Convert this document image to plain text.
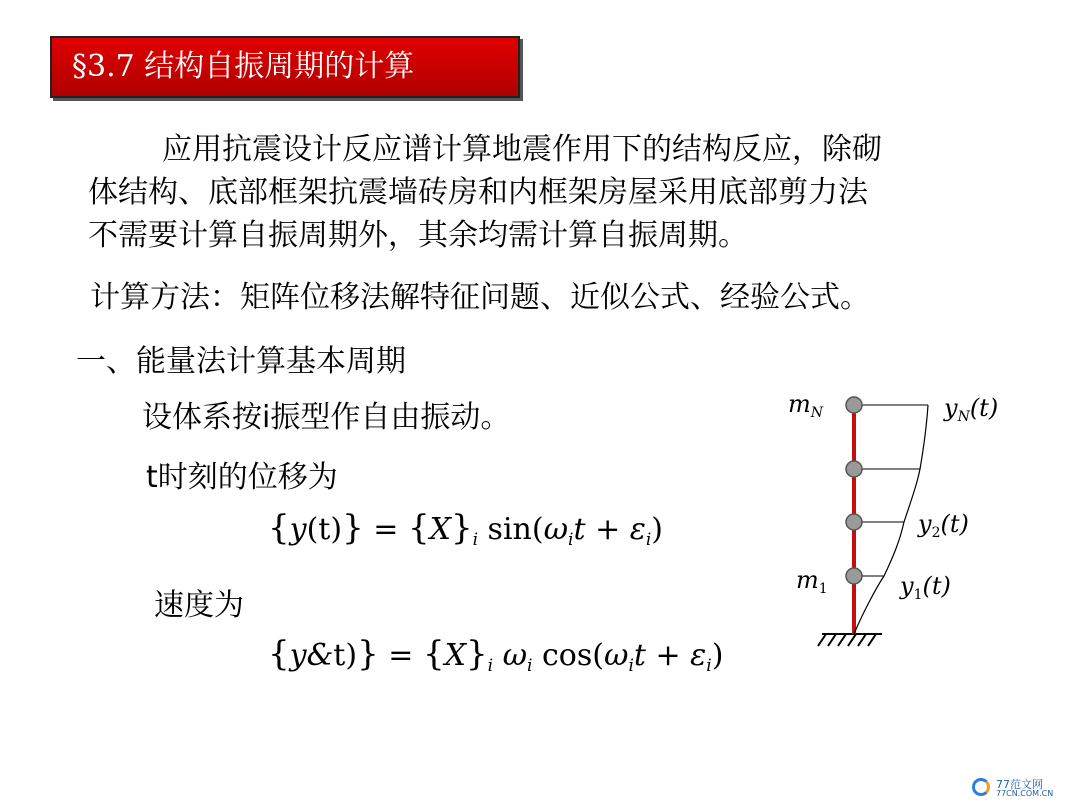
§3.7 结构自振周期的计算
应用抗震设计反应谱计算地震作用下的结构反应，除砌
体结构、底部框架抗震墙砖房和内框架房屋采用底部剪力法
不需要计算自振周期外，其余均需计算自振周期。
计算方法：矩阵位移法解特征问题、近似公式、经验公式。
一、能量法计算基本周期
设体系按i振型作自由振动。
t时刻的位移为
$\{y(t)\} = \{X\}_i$ $\sin(\omega_it + \varepsilon_i)$
速度为
{y&t)} = $\{X\}_i$ $\omega_i$ $\cos(\omega_it + \varepsilon_i)$
$m_N$
$m_1$
$y_N(t)$
$y_2(t)$
$y_1(t)$
77范文网
77CN.COM.CN
